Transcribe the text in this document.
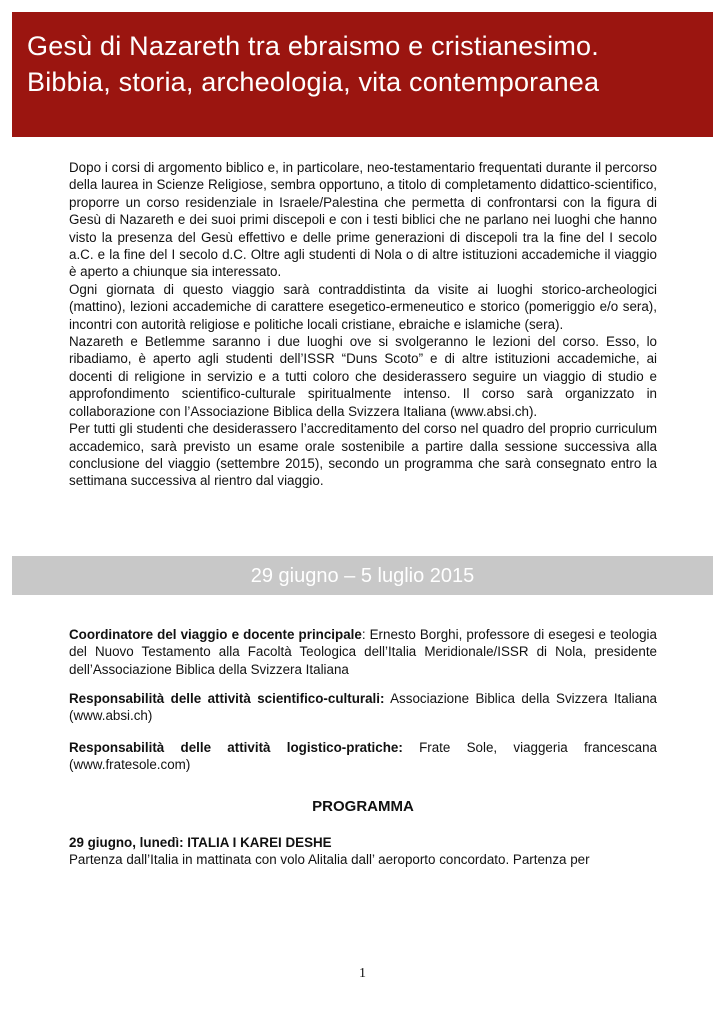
Gesù di Nazareth tra ebraismo e cristianesimo.
Bibbia, storia, archeologia, vita contemporanea

Dopo i corsi di argomento biblico e, in particolare, neo-testamentario frequentati durante il percorso della laurea in Scienze Religiose, sembra opportuno, a titolo di completamento didattico-scientifico, proporre un corso residenziale in Israele/Palestina che permetta di confrontarsi con la figura di Gesù di Nazareth e dei suoi primi discepoli e con i testi biblici che ne parlano nei luoghi che hanno visto la presenza del Gesù effettivo e delle prime generazioni di discepoli tra la fine del I secolo a.C. e la fine del I secolo d.C. Oltre agli studenti di Nola o di altre istituzioni accademiche il viaggio è aperto a chiunque sia interessato.

Ogni giornata di questo viaggio sarà contraddistinta da visite ai luoghi storico-archeologici (mattino), lezioni accademiche di carattere esegetico-ermeneutico e storico (pomeriggio e/o sera), incontri con autorità religiose e politiche locali cristiane, ebraiche e islamiche (sera).

Nazareth e Betlemme saranno i due luoghi ove si svolgeranno le lezioni del corso. Esso, lo ribadiamo, è aperto agli studenti dell’ISSR “Duns Scoto” e di altre istituzioni accademiche, ai docenti di religione in servizio e a tutti coloro che desiderassero seguire un viaggio di studio e approfondimento scientifico-culturale spiritualmente intenso. Il corso sarà organizzato in collaborazione con l’Associazione Biblica della Svizzera Italiana (www.absi.ch).

Per tutti gli studenti che desiderassero l’accreditamento del corso nel quadro del proprio curriculum accademico, sarà previsto un esame orale sostenibile a partire dalla sessione successiva alla conclusione del viaggio (settembre 2015), secondo un programma che sarà consegnato entro la settimana successiva al rientro dal viaggio.

29 giugno – 5 luglio 2015

Coordinatore del viaggio e docente principale: Ernesto Borghi, professore di esegesi e teologia del Nuovo Testamento alla Facoltà Teologica dell’Italia Meridionale/ISSR di Nola, presidente dell’Associazione Biblica della Svizzera Italiana

Responsabilità delle attività scientifico-culturali: Associazione Biblica della Svizzera Italiana (www.absi.ch)

Responsabilità delle attività logistico-pratiche: Frate Sole, viaggeria francescana (www.fratesole.com)

PROGRAMMA
29 giugno, lunedì: ITALIA I KAREI DESHE
Partenza dall’Italia in mattinata con volo Alitalia dall’ aeroporto concordato. Partenza per
1
